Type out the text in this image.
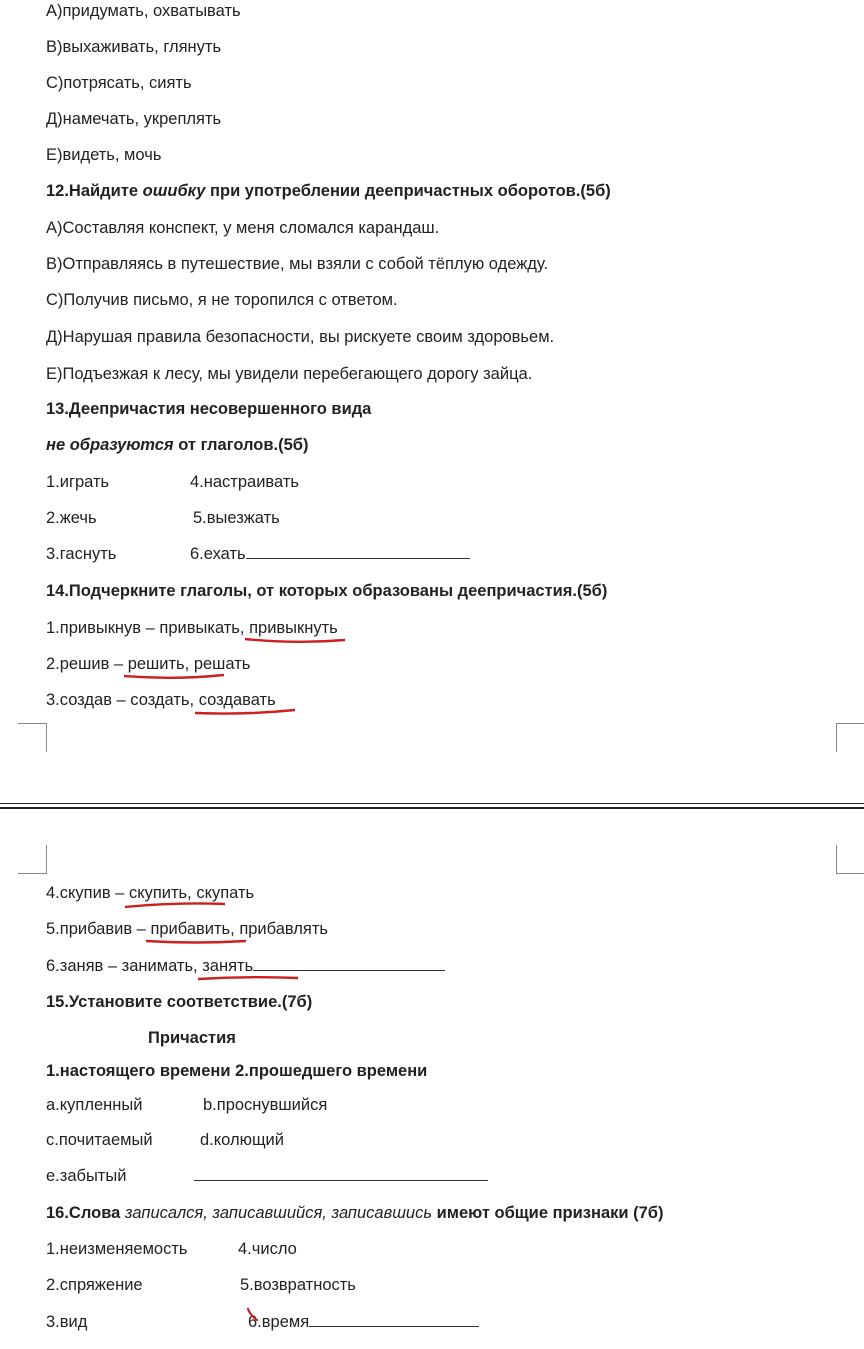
А)придумать, охватывать
В)выхаживать, глянуть
С)потрясать, сиять
Д)намечать, укреплять
Е)видеть, мочь
12.Найдите ошибку при употреблении деепричастных оборотов.(5б)
А)Составляя конспект, у меня сломался карандаш.
В)Отправляясь в путешествие, мы взяли с собой тёплую одежду.
С)Получив письмо, я не торопился с ответом.
Д)Нарушая правила безопасности, вы рискуете своим здоровьем.
Е)Подъезжая к лесу, мы увидели перебегающего дорогу зайца.
13.Деепричастия несовершенного вида
не образуются от глаголов.(5б)
1.играть	4.настраивать
2.жечь	5.выезжать
3.гаснуть	6.ехать
14.Подчеркните глаголы, от которых образованы деепричастия.(5б)
1.привыкнув – привыкать, привыкнуть
2.решив – решить
, решать
3.создав – создать, создавать
4.скупив – скупить
, скупать
5.прибавив – прибавить
, прибавлять
6.заняв – занимать, занять
15.Установите соответствие.(7б)
Причастия
1.настоящего времени 2.прошедшего времени
a.купленный	b.проснувшийся
c.почитаемый	d.колющий
e.забытый
16.Слова записался, записавшийся, записавшись имеют общие признаки (7б)
1.неизменяемость	4.число
2.спряжение	5.возвратность
3.вид	6.время
